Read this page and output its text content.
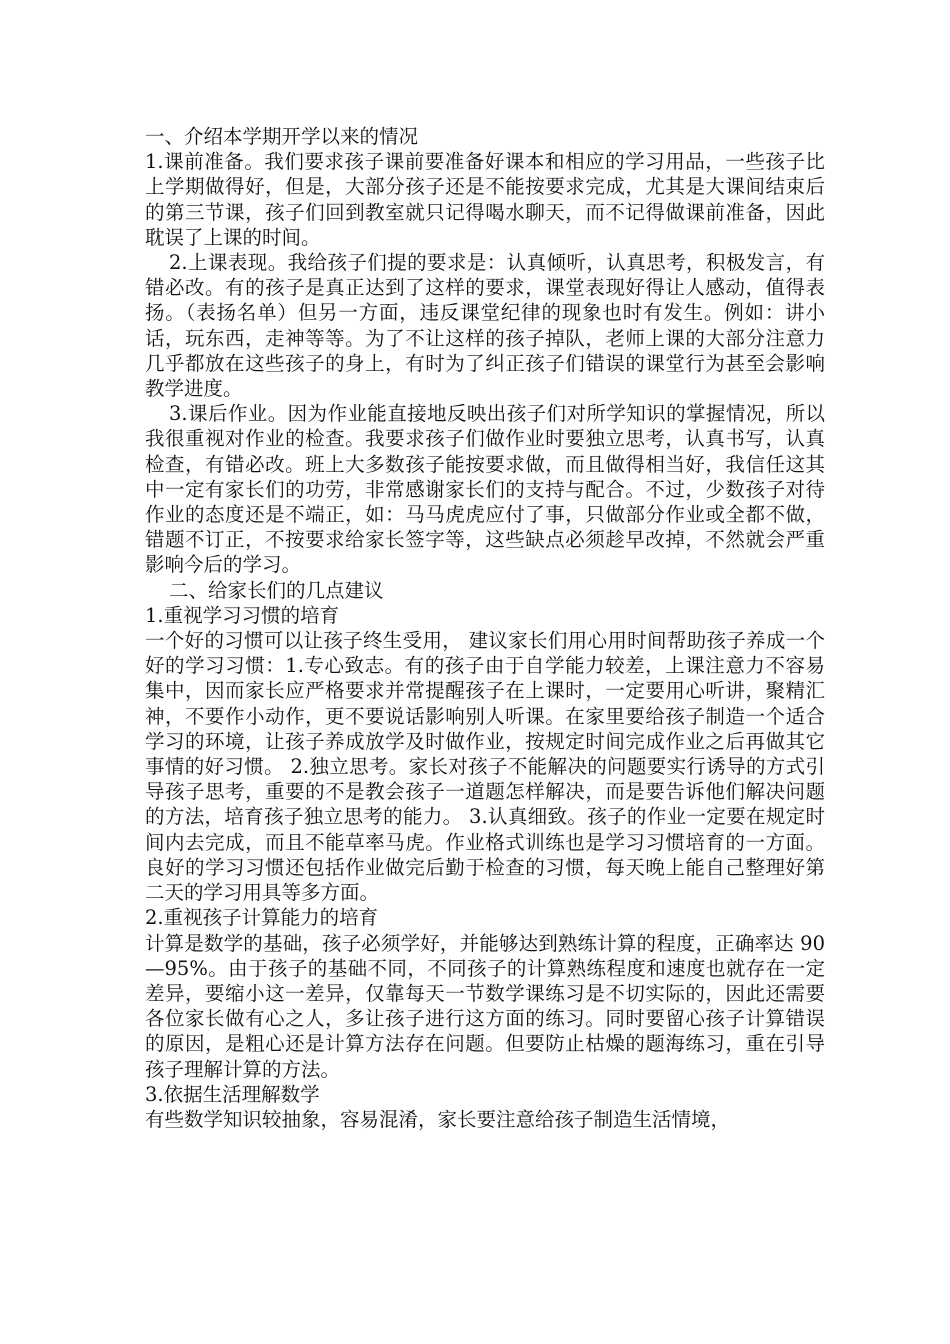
一、介绍本学期开学以来的情况

1.课前准备。我们要求孩子课前要准备好课本和相应的学习用品，一些孩子比上学期做得好，但是，大部分孩子还是不能按要求完成，尤其是大课间结束后的第三节课，孩子们回到教室就只记得喝水聊天，而不记得做课前准备，因此耽误了上课的时间。

2.上课表现。我给孩子们提的要求是：认真倾听，认真思考，积极发言，有错必改。有的孩子是真正达到了这样的要求，课堂表现好得让人感动，值得表扬。（表扬名单）但另一方面，违反课堂纪律的现象也时有发生。例如：讲小话，玩东西，走神等等。为了不让这样的孩子掉队，老师上课的大部分注意力几乎都放在这些孩子的身上，有时为了纠正孩子们错误的课堂行为甚至会影响教学进度。

3.课后作业。因为作业能直接地反映出孩子们对所学知识的掌握情况，所以我很重视对作业的检查。我要求孩子们做作业时要独立思考，认真书写，认真检查，有错必改。班上大多数孩子能按要求做，而且做得相当好，我信任这其中一定有家长们的功劳，非常感谢家长们的支持与配合。不过，少数孩子对待作业的态度还是不端正，如：马马虎虎应付了事，只做部分作业或全都不做，错题不订正，不按要求给家长签字等，这些缺点必须趁早改掉，不然就会严重影响今后的学习。

二、给家长们的几点建议

1.重视学习习惯的培育

一个好的习惯可以让孩子终生受用， 建议家长们用心用时间帮助孩子养成一个好的学习习惯：1.专心致志。有的孩子由于自学能力较差，上课注意力不容易集中，因而家长应严格要求并常提醒孩子在上课时，一定要用心听讲，聚精汇神，不要作小动作，更不要说话影响别人听课。在家里要给孩子制造一个适合学习的环境，让孩子养成放学及时做作业，按规定时间完成作业之后再做其它事情的好习惯。 2.独立思考。家长对孩子不能解决的问题要实行诱导的方式引导孩子思考，重要的不是教会孩子一道题怎样解决，而是要告诉他们解决问题的方法，培育孩子独立思考的能力。 3.认真细致。孩子的作业一定要在规定时间内去完成，而且不能草率马虎。作业格式训练也是学习习惯培育的一方面。良好的学习习惯还包括作业做完后勤于检查的习惯，每天晚上能自己整理好第二天的学习用具等多方面。

2.重视孩子计算能力的培育

计算是数学的基础，孩子必须学好，并能够达到熟练计算的程度，正确率达 90—95%。由于孩子的基础不同，不同孩子的计算熟练程度和速度也就存在一定差异，要缩小这一差异，仅靠每天一节数学课练习是不切实际的，因此还需要各位家长做有心之人，多让孩子进行这方面的练习。同时要留心孩子计算错误的原因，是粗心还是计算方法存在问题。但要防止枯燥的题海练习，重在引导孩子理解计算的方法。

3.依据生活理解数学

有些数学知识较抽象，容易混淆，家长要注意给孩子制造生活情境，
